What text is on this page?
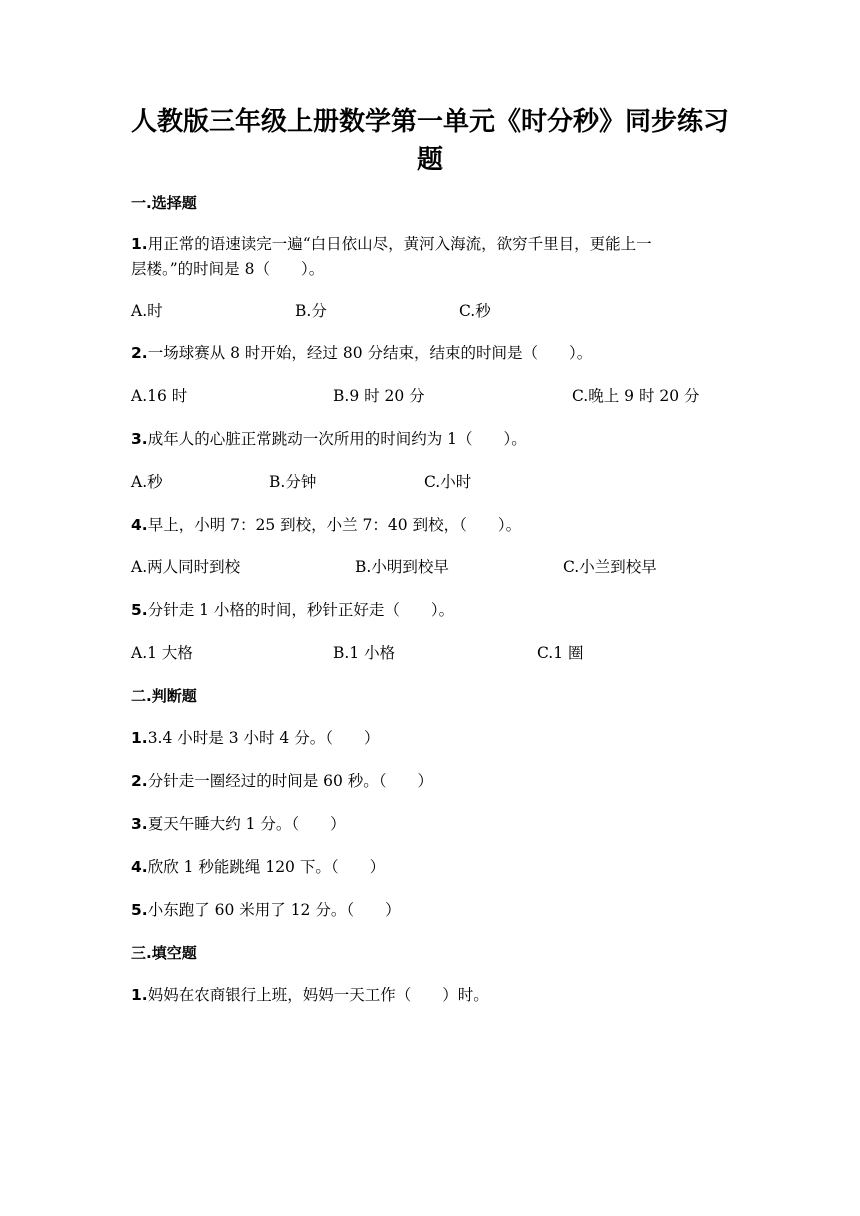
人教版三年级上册数学第一单元《时分秒》同步练习题
一.选择题
1.用正常的语速读完一遍“白日依山尽，黄河入海流，欲穷千里目，更能上一
层楼。”的时间是 8（　　）。
A.时	B.分	C.秒
2.一场球赛从 8 时开始，经过 80 分结束，结束的时间是（　　）。
A.16 时	B.9 时 20 分	C.晚上 9 时 20 分
3.成年人的心脏正常跳动一次所用的时间约为 1（　　）。
A.秒	B.分钟	C.小时
4.早上，小明 7：25 到校，小兰 7：40 到校，（　　）。
A.两人同时到校	B.小明到校早	C.小兰到校早
5.分针走 1 小格的时间，秒针正好走（　　）。
A.1 大格	B.1 小格	C.1 圈
二.判断题
1.3.4 小时是 3 小时 4 分。（　　）
2.分针走一圈经过的时间是 60 秒。（　　）
3.夏天午睡大约 1 分。（　　）
4.欣欣 1 秒能跳绳 120 下。（　　）
5.小东跑了 60 米用了 12 分。（　　）
三.填空题
1.妈妈在农商银行上班，妈妈一天工作（　　）时。
